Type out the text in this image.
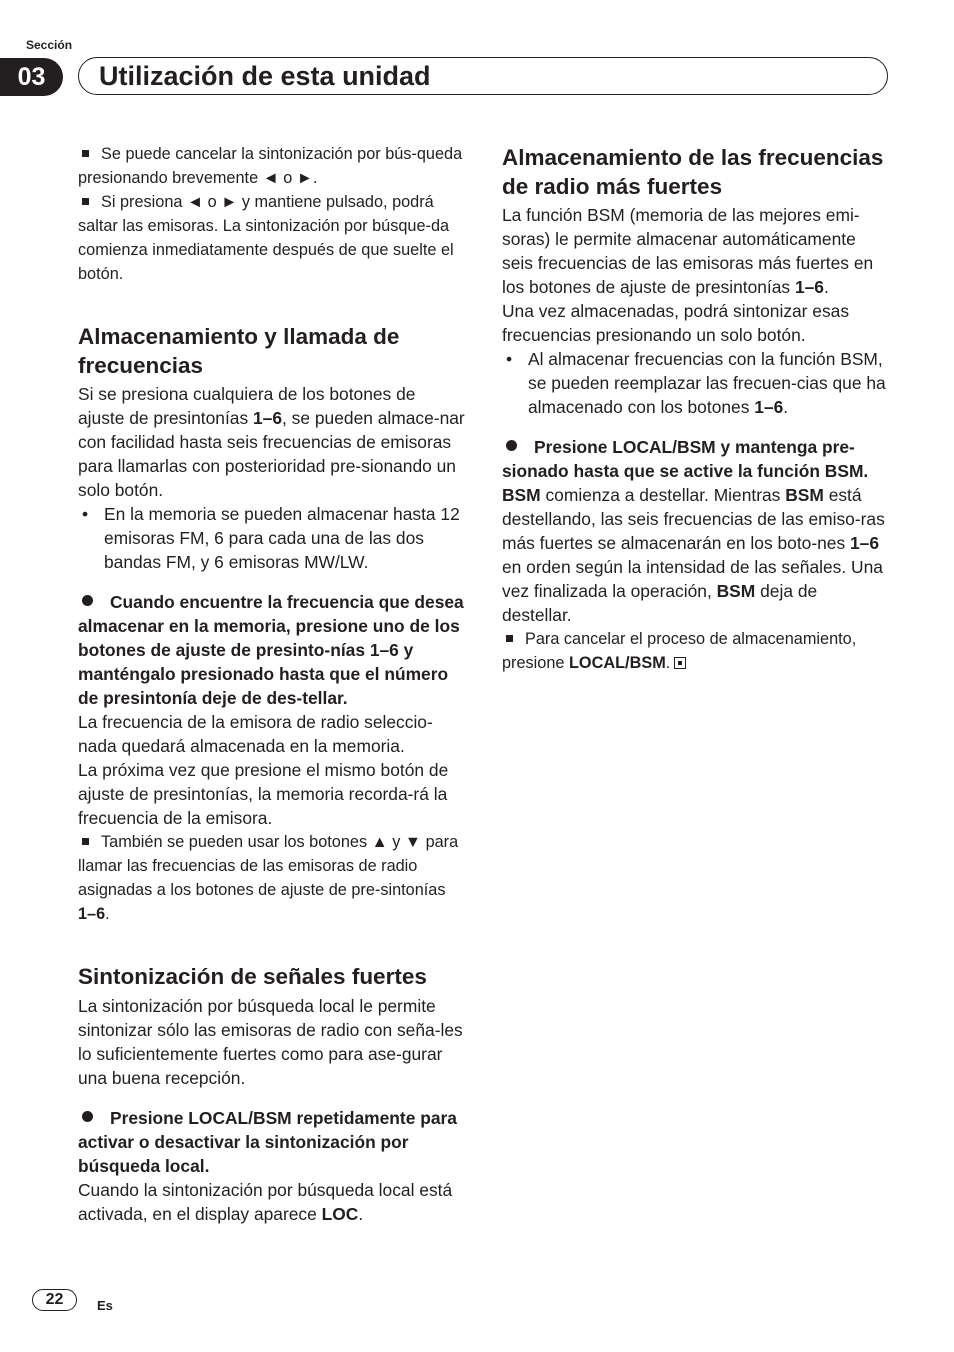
Sección
03	Utilización de esta unidad

Se puede cancelar la sintonización por bús-queda presionando brevemente ◄ o ►.

Si presiona ◄ o ► y mantiene pulsado, podrá saltar las emisoras. La sintonización por búsque-da comienza inmediatamente después de que suelte el botón.

Almacenamiento y llamada de frecuencias

Si se presiona cualquiera de los botones de ajuste de presintonías 1–6, se pueden almace-nar con facilidad hasta seis frecuencias de emisoras para llamarlas con posterioridad pre-sionando un solo botón.

• En la memoria se pueden almacenar hasta 12 emisoras FM, 6 para cada una de las dos bandas FM, y 6 emisoras MW/LW.

Cuando encuentre la frecuencia que desea almacenar en la memoria, presione uno de los botones de ajuste de presinto-nías 1–6 y manténgalo presionado hasta que el número de presintonía deje de des-tellar.

La frecuencia de la emisora de radio seleccio-nada quedará almacenada en la memoria.

La próxima vez que presione el mismo botón de ajuste de presintonías, la memoria recorda-rá la frecuencia de la emisora.

También se pueden usar los botones ▲ y ▼ para llamar las frecuencias de las emisoras de radio asignadas a los botones de ajuste de pre-sintonías 1–6.

Sintonización de señales fuertes

La sintonización por búsqueda local le permite sintonizar sólo las emisoras de radio con seña-les lo suficientemente fuertes como para ase-gurar una buena recepción.

Presione LOCAL/BSM repetidamente para activar o desactivar la sintonización por búsqueda local.

Cuando la sintonización por búsqueda local está activada, en el display aparece LOC.

Almacenamiento de las frecuencias de radio más fuertes

La función BSM (memoria de las mejores emi-soras) le permite almacenar automáticamente seis frecuencias de las emisoras más fuertes en los botones de ajuste de presintonías 1–6.

Una vez almacenadas, podrá sintonizar esas frecuencias presionando un solo botón.

• Al almacenar frecuencias con la función BSM, se pueden reemplazar las frecuen-cias que ha almacenado con los botones 1–6.

Presione LOCAL/BSM y mantenga pre-sionado hasta que se active la función BSM.

BSM comienza a destellar. Mientras BSM está destellando, las seis frecuencias de las emiso-ras más fuertes se almacenarán en los boto-nes 1–6 en orden según la intensidad de las señales. Una vez finalizada la operación, BSM deja de destellar.

Para cancelar el proceso de almacenamiento, presione LOCAL/BSM.

22	Es
